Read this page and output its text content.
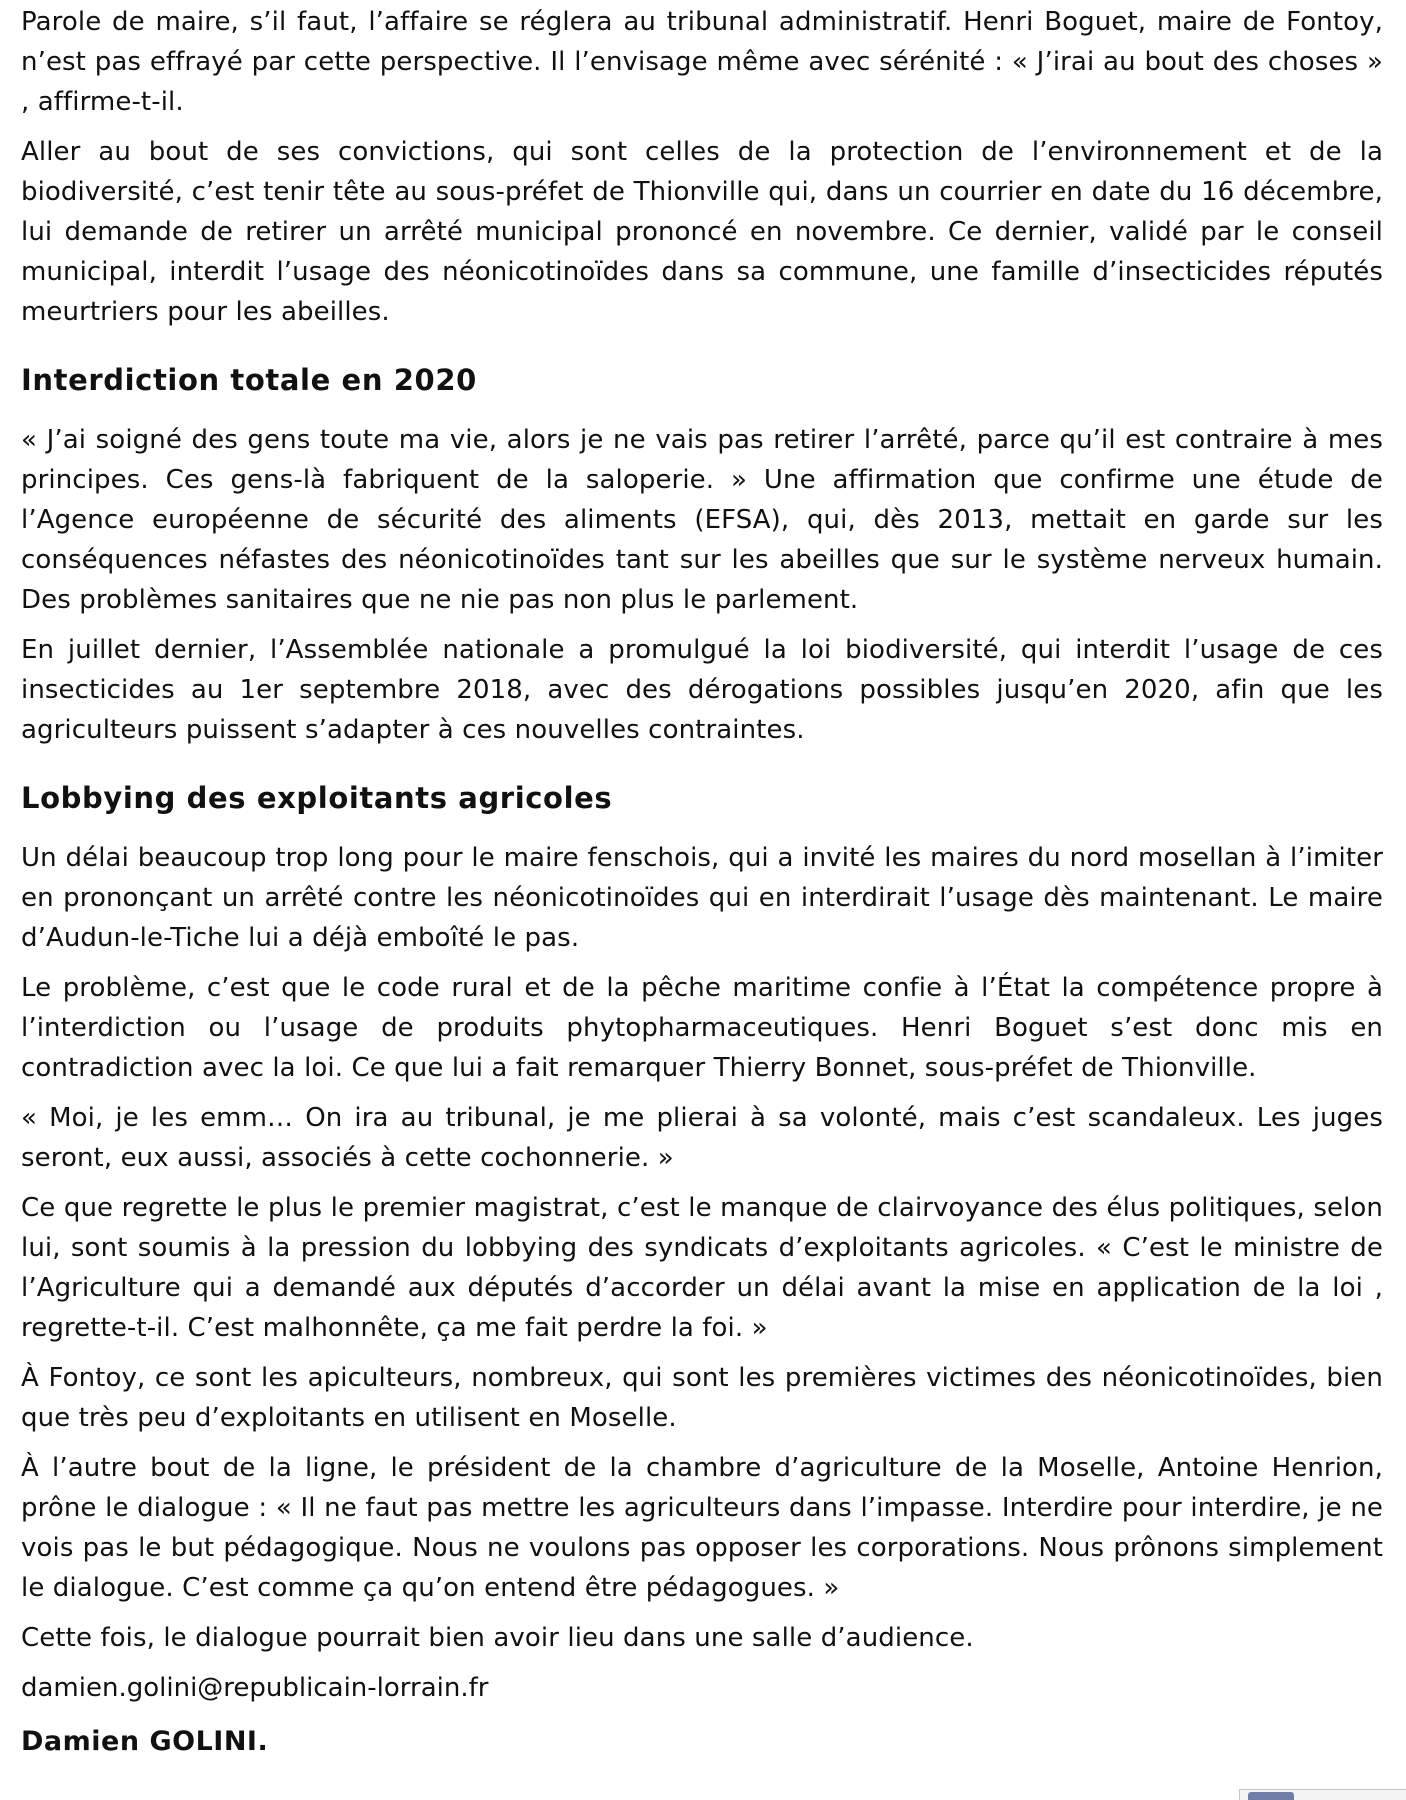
Parole de maire, s’il faut, l’affaire se réglera au tribunal administratif. Henri Boguet, maire de Fontoy, n’est pas effrayé par cette perspective. Il l’envisage même avec sérénité : « J’irai au bout des choses » , affirme-t-il.

Aller au bout de ses convictions, qui sont celles de la protection de l’environnement et de la biodiversité, c’est tenir tête au sous-préfet de Thionville qui, dans un courrier en date du 16 décembre, lui demande de retirer un arrêté municipal prononcé en novembre. Ce dernier, validé par le conseil municipal, interdit l’usage des néonicotinoïdes dans sa commune, une famille d’insecticides réputés meurtriers pour les abeilles.

Interdiction totale en 2020

« J’ai soigné des gens toute ma vie, alors je ne vais pas retirer l’arrêté, parce qu’il est contraire à mes principes. Ces gens-là fabriquent de la saloperie. » Une affirmation que confirme une étude de l’Agence européenne de sécurité des aliments (EFSA), qui, dès 2013, mettait en garde sur les conséquences néfastes des néonicotinoïdes tant sur les abeilles que sur le système nerveux humain. Des problèmes sanitaires que ne nie pas non plus le parlement.

En juillet dernier, l’Assemblée nationale a promulgué la loi biodiversité, qui interdit l’usage de ces insecticides au 1er septembre 2018, avec des dérogations possibles jusqu’en 2020, afin que les agriculteurs puissent s’adapter à ces nouvelles contraintes.

Lobbying des exploitants agricoles

Un délai beaucoup trop long pour le maire fenschois, qui a invité les maires du nord mosellan à l’imiter en prononçant un arrêté contre les néonicotinoïdes qui en interdirait l’usage dès maintenant. Le maire d’Audun-le-Tiche lui a déjà emboîté le pas.

Le problème, c’est que le code rural et de la pêche maritime confie à l’État la compétence propre à l’interdiction ou l’usage de produits phytopharmaceutiques. Henri Boguet s’est donc mis en contradiction avec la loi. Ce que lui a fait remarquer Thierry Bonnet, sous-préfet de Thionville.

« Moi, je les emm… On ira au tribunal, je me plierai à sa volonté, mais c’est scandaleux. Les juges seront, eux aussi, associés à cette cochonnerie. »

Ce que regrette le plus le premier magistrat, c’est le manque de clairvoyance des élus politiques, selon lui, sont soumis à la pression du lobbying des syndicats d’exploitants agricoles. « C’est le ministre de l’Agriculture qui a demandé aux députés d’accorder un délai avant la mise en application de la loi , regrette-t-il. C’est malhonnête, ça me fait perdre la foi. »

À Fontoy, ce sont les apiculteurs, nombreux, qui sont les premières victimes des néonicotinoïdes, bien que très peu d’exploitants en utilisent en Moselle.

À l’autre bout de la ligne, le président de la chambre d’agriculture de la Moselle, Antoine Henrion, prône le dialogue : « Il ne faut pas mettre les agriculteurs dans l’impasse. Interdire pour interdire, je ne vois pas le but pédagogique. Nous ne voulons pas opposer les corporations. Nous prônons simplement le dialogue. C’est comme ça qu’on entend être pédagogues. »

Cette fois, le dialogue pourrait bien avoir lieu dans une salle d’audience.

damien.golini@republicain-lorrain.fr

Damien GOLINI.
